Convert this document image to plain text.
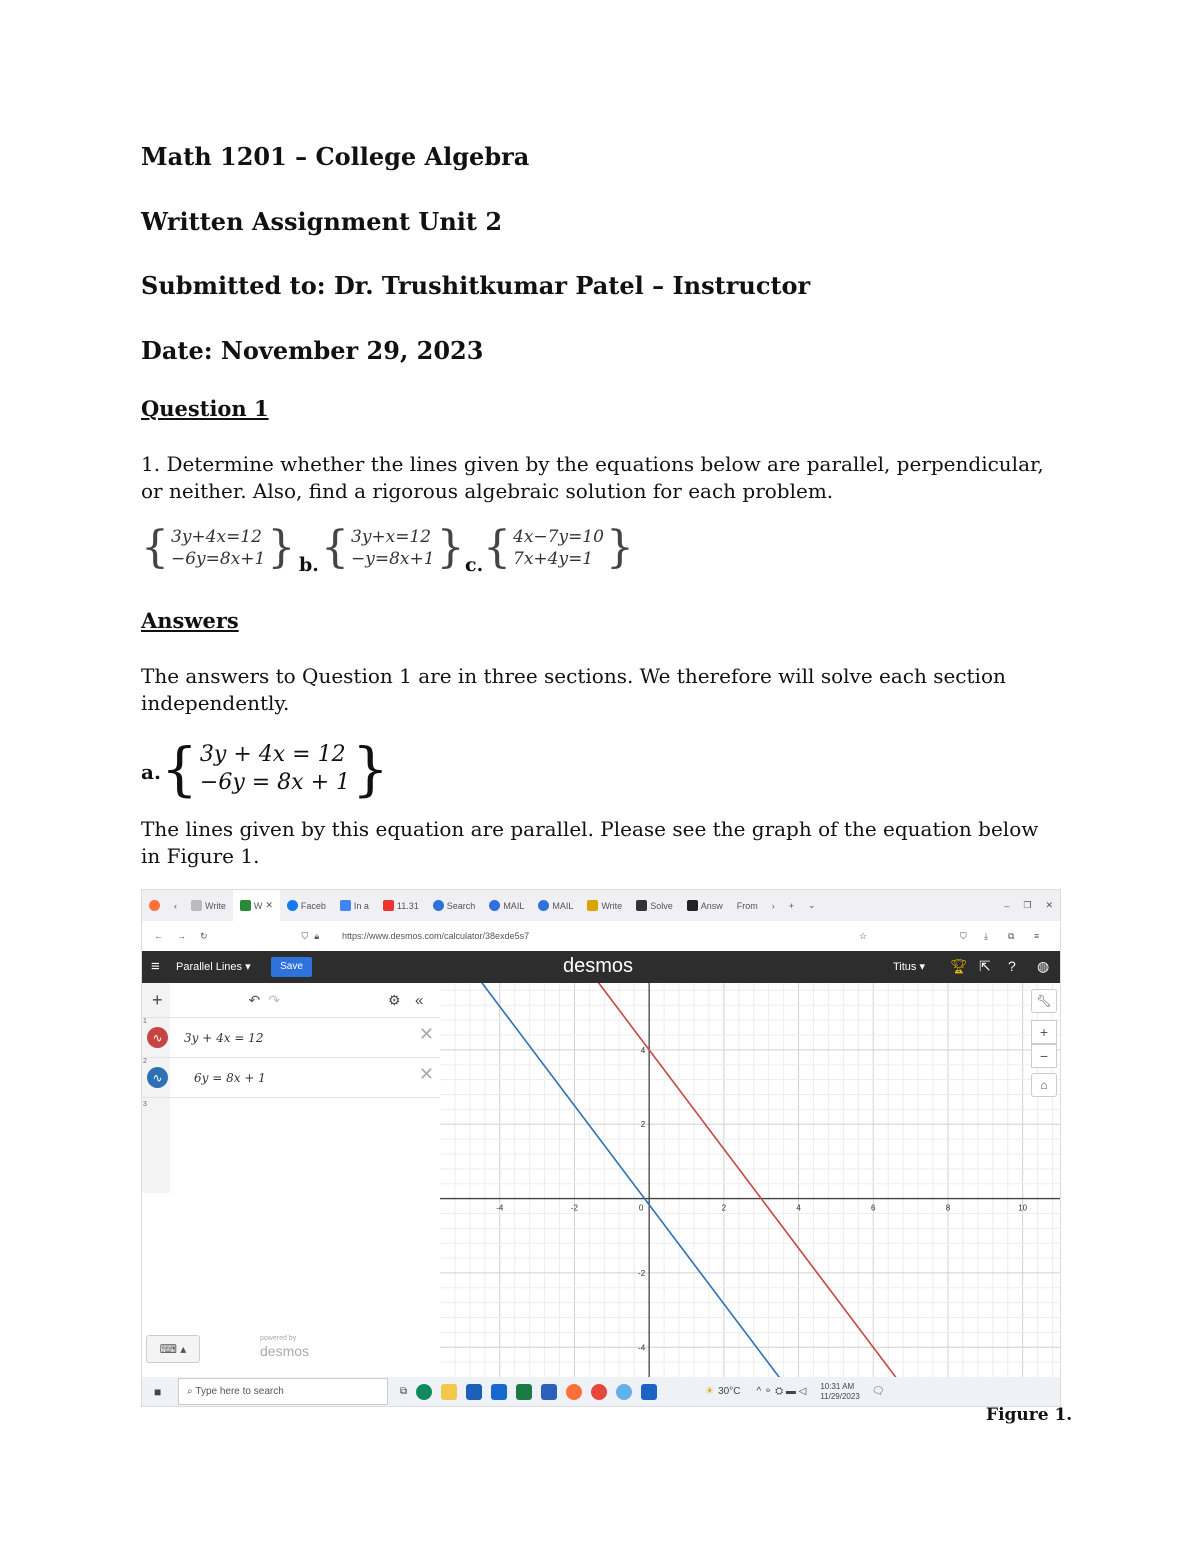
Math 1201 – College Algebra
Written Assignment Unit 2
Submitted to: Dr. Trushitkumar Patel – Instructor
Date: November 29, 2023
Question 1
1. Determine whether the lines given by the equations below are parallel, perpendicular, or neither. Also, find a rigorous algebraic solution for each problem.
{ 3y+4x=12
−6y=8x+1 } b. { 3y+x=12
−y=8x+1 } c. { 4x−7y=10
7x+4y=1 }
Answers
The answers to Question 1 are in three sections. We therefore will solve each section independently.
a. { 3y + 4x = 12
−6y = 8x + 1 }
The lines given by this equation are parallel. Please see the graph of the equation below in Figure 1.
‹	Write	W ✕	Faceb	In a	11.31	Search	MAIL	MAIL	Write	Solve	Answ From	›	+	⌄	–	❐	✕
← → ↻	⛉ 🔒︎	https://www.desmos.com/calculator/38exde5s7	☆	⛉ ⤓ ⧉ ≡
≡ Parallel Lines ▾	Save	desmos	Titus ▾ 🏆︎ ⇱ ? ◍
+	↶ ↷	⚙ «
1
∿	3y + 4x = 12	✕
2
∿	6y = 8x + 1	✕
3
⌨ ▴
powered by
desmos
-4	-2	0	2	4	6	8	10
4
2
-2
-4
🔧︎
+
−
⌂
■	⌕
Type here to search	⧉	☀ 30°C ^ ⚬ ⛭ ▬ ◁ 10:31 AM
11/29/2023 🗨︎
Figure 1.
